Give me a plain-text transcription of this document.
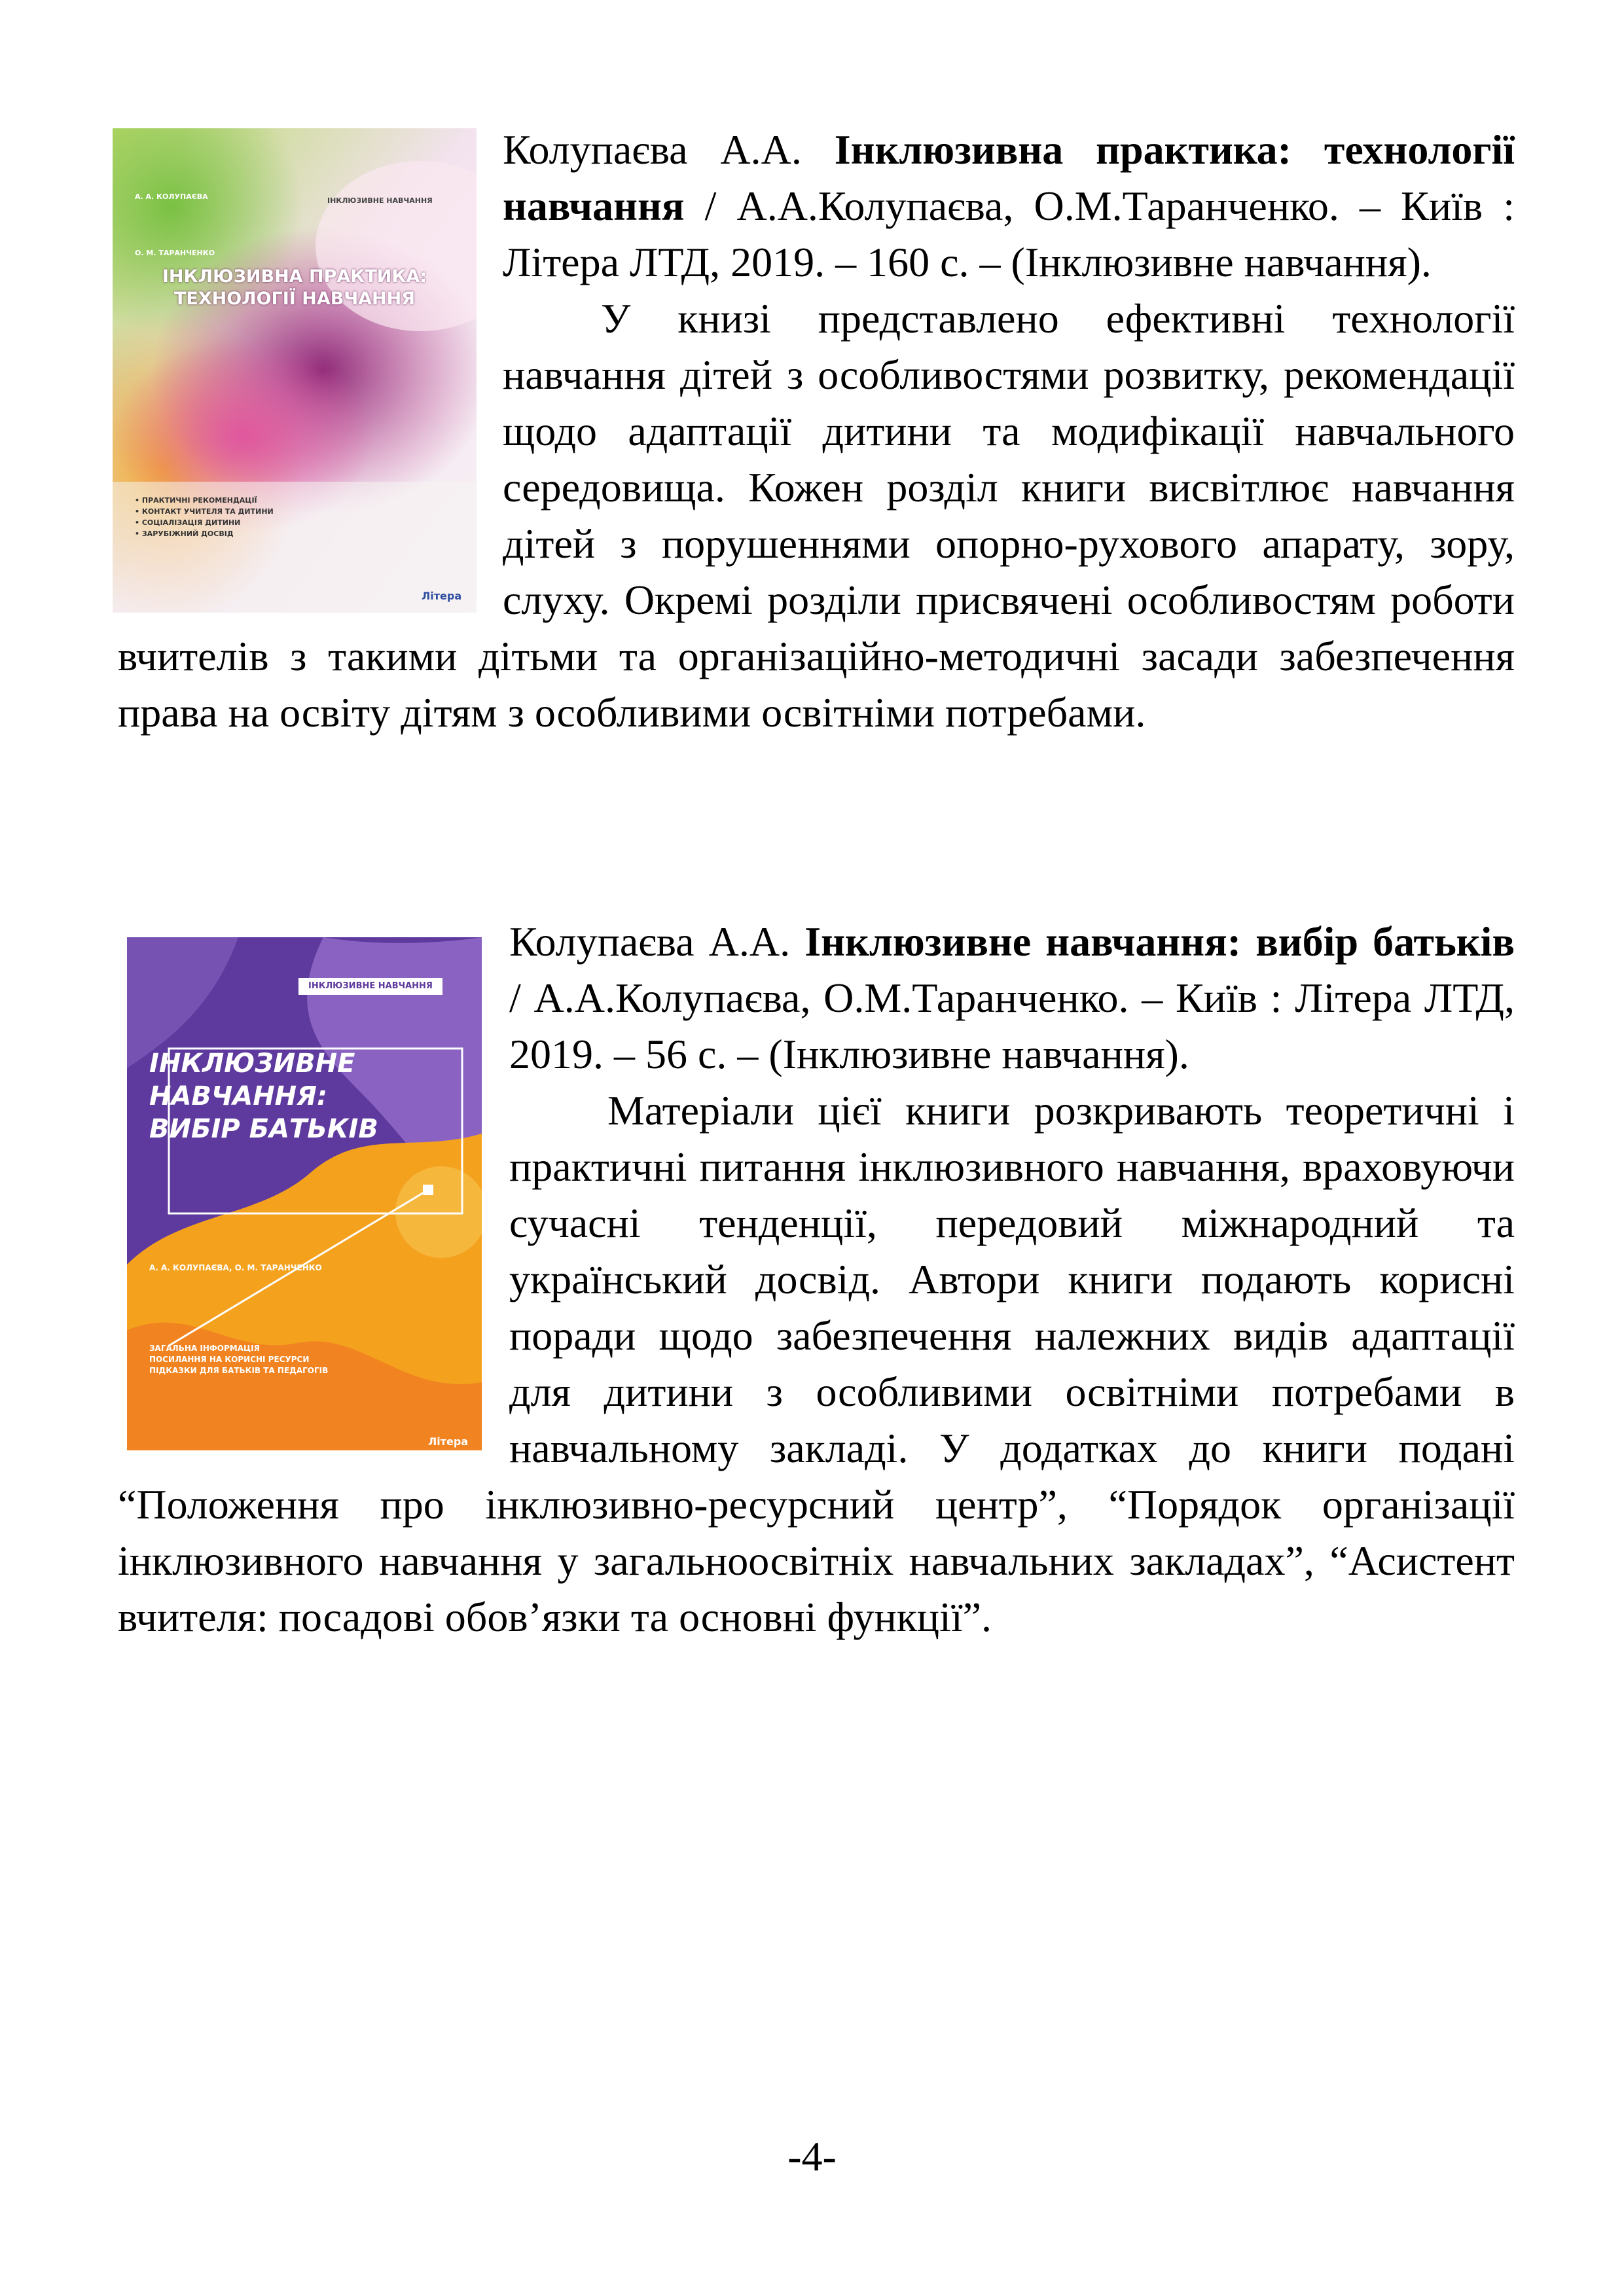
А. А. КОЛУПАЄВА
О. М. ТАРАНЧЕНКО
ІНКЛЮЗИВНЕ НАВЧАННЯ
ІНКЛЮЗИВНА ПРАКТИКА:
ТЕХНОЛОГІЇ НАВЧАННЯ
• ПРАКТИЧНІ РЕКОМЕНДАЦІЇ
• КОНТАКТ УЧИТЕЛЯ ТА ДИТИНИ
• СОЦІАЛІЗАЦІЯ ДИТИНИ
• ЗАРУБІЖНИЙ ДОСВІД
Літера

Колупаєва А.А. Інклюзивна практика: технології навчання / А.А.Колупаєва, О.М.Таранченко. – Київ : Літера ЛТД, 2019. – 160 с. – (Інклюзивне навчання).

У книзі представлено ефективні технології навчання дітей з особливостями розвитку, рекомендації щодо адаптації дитини та модифікації навчального середовища. Кожен розділ книги висвітлює навчання дітей з порушеннями опорно-рухового апарату, зору, слуху. Окремі розділи присвячені особливостям роботи вчителів з такими дітьми та організаційно-методичні засади забезпечення права на освіту дітям з особливими освітніми потребами.

ІНКЛЮЗИВНЕ НАВЧАННЯ
ІНКЛЮЗИВНЕ
НАВЧАННЯ:
ВИБІР БАТЬКІВ
А. А. КОЛУПАЄВА, О. М. ТАРАНЧЕНКО
ЗАГАЛЬНА ІНФОРМАЦІЯ
ПОСИЛАННЯ НА КОРИСНІ РЕСУРСИ
ПІДКАЗКИ ДЛЯ БАТЬКІВ ТА ПЕДАГОГІВ
Літера

Колупаєва А.А. Інклюзивне навчання: вибір батьків / А.А.Колупаєва, О.М.Таранченко. – Київ : Літера ЛТД, 2019. – 56 с. – (Інклюзивне навчання).

Матеріали цієї книги розкривають теоретичні і практичні питання інклюзивного навчання, враховуючи сучасні тенденції, передовий міжнародний та український досвід. Автори книги подають корисні поради щодо забезпечення належних видів адаптації для дитини з особливими освітніми потребами в навчальному закладі. У додатках до книги подані “Положення про інклюзивно-ресурсний центр”, “Порядок організації інклюзивного навчання у загальноосвітніх навчальних закладах”, “Асистент вчителя: посадові обов’язки та основні функції”.

-4-
